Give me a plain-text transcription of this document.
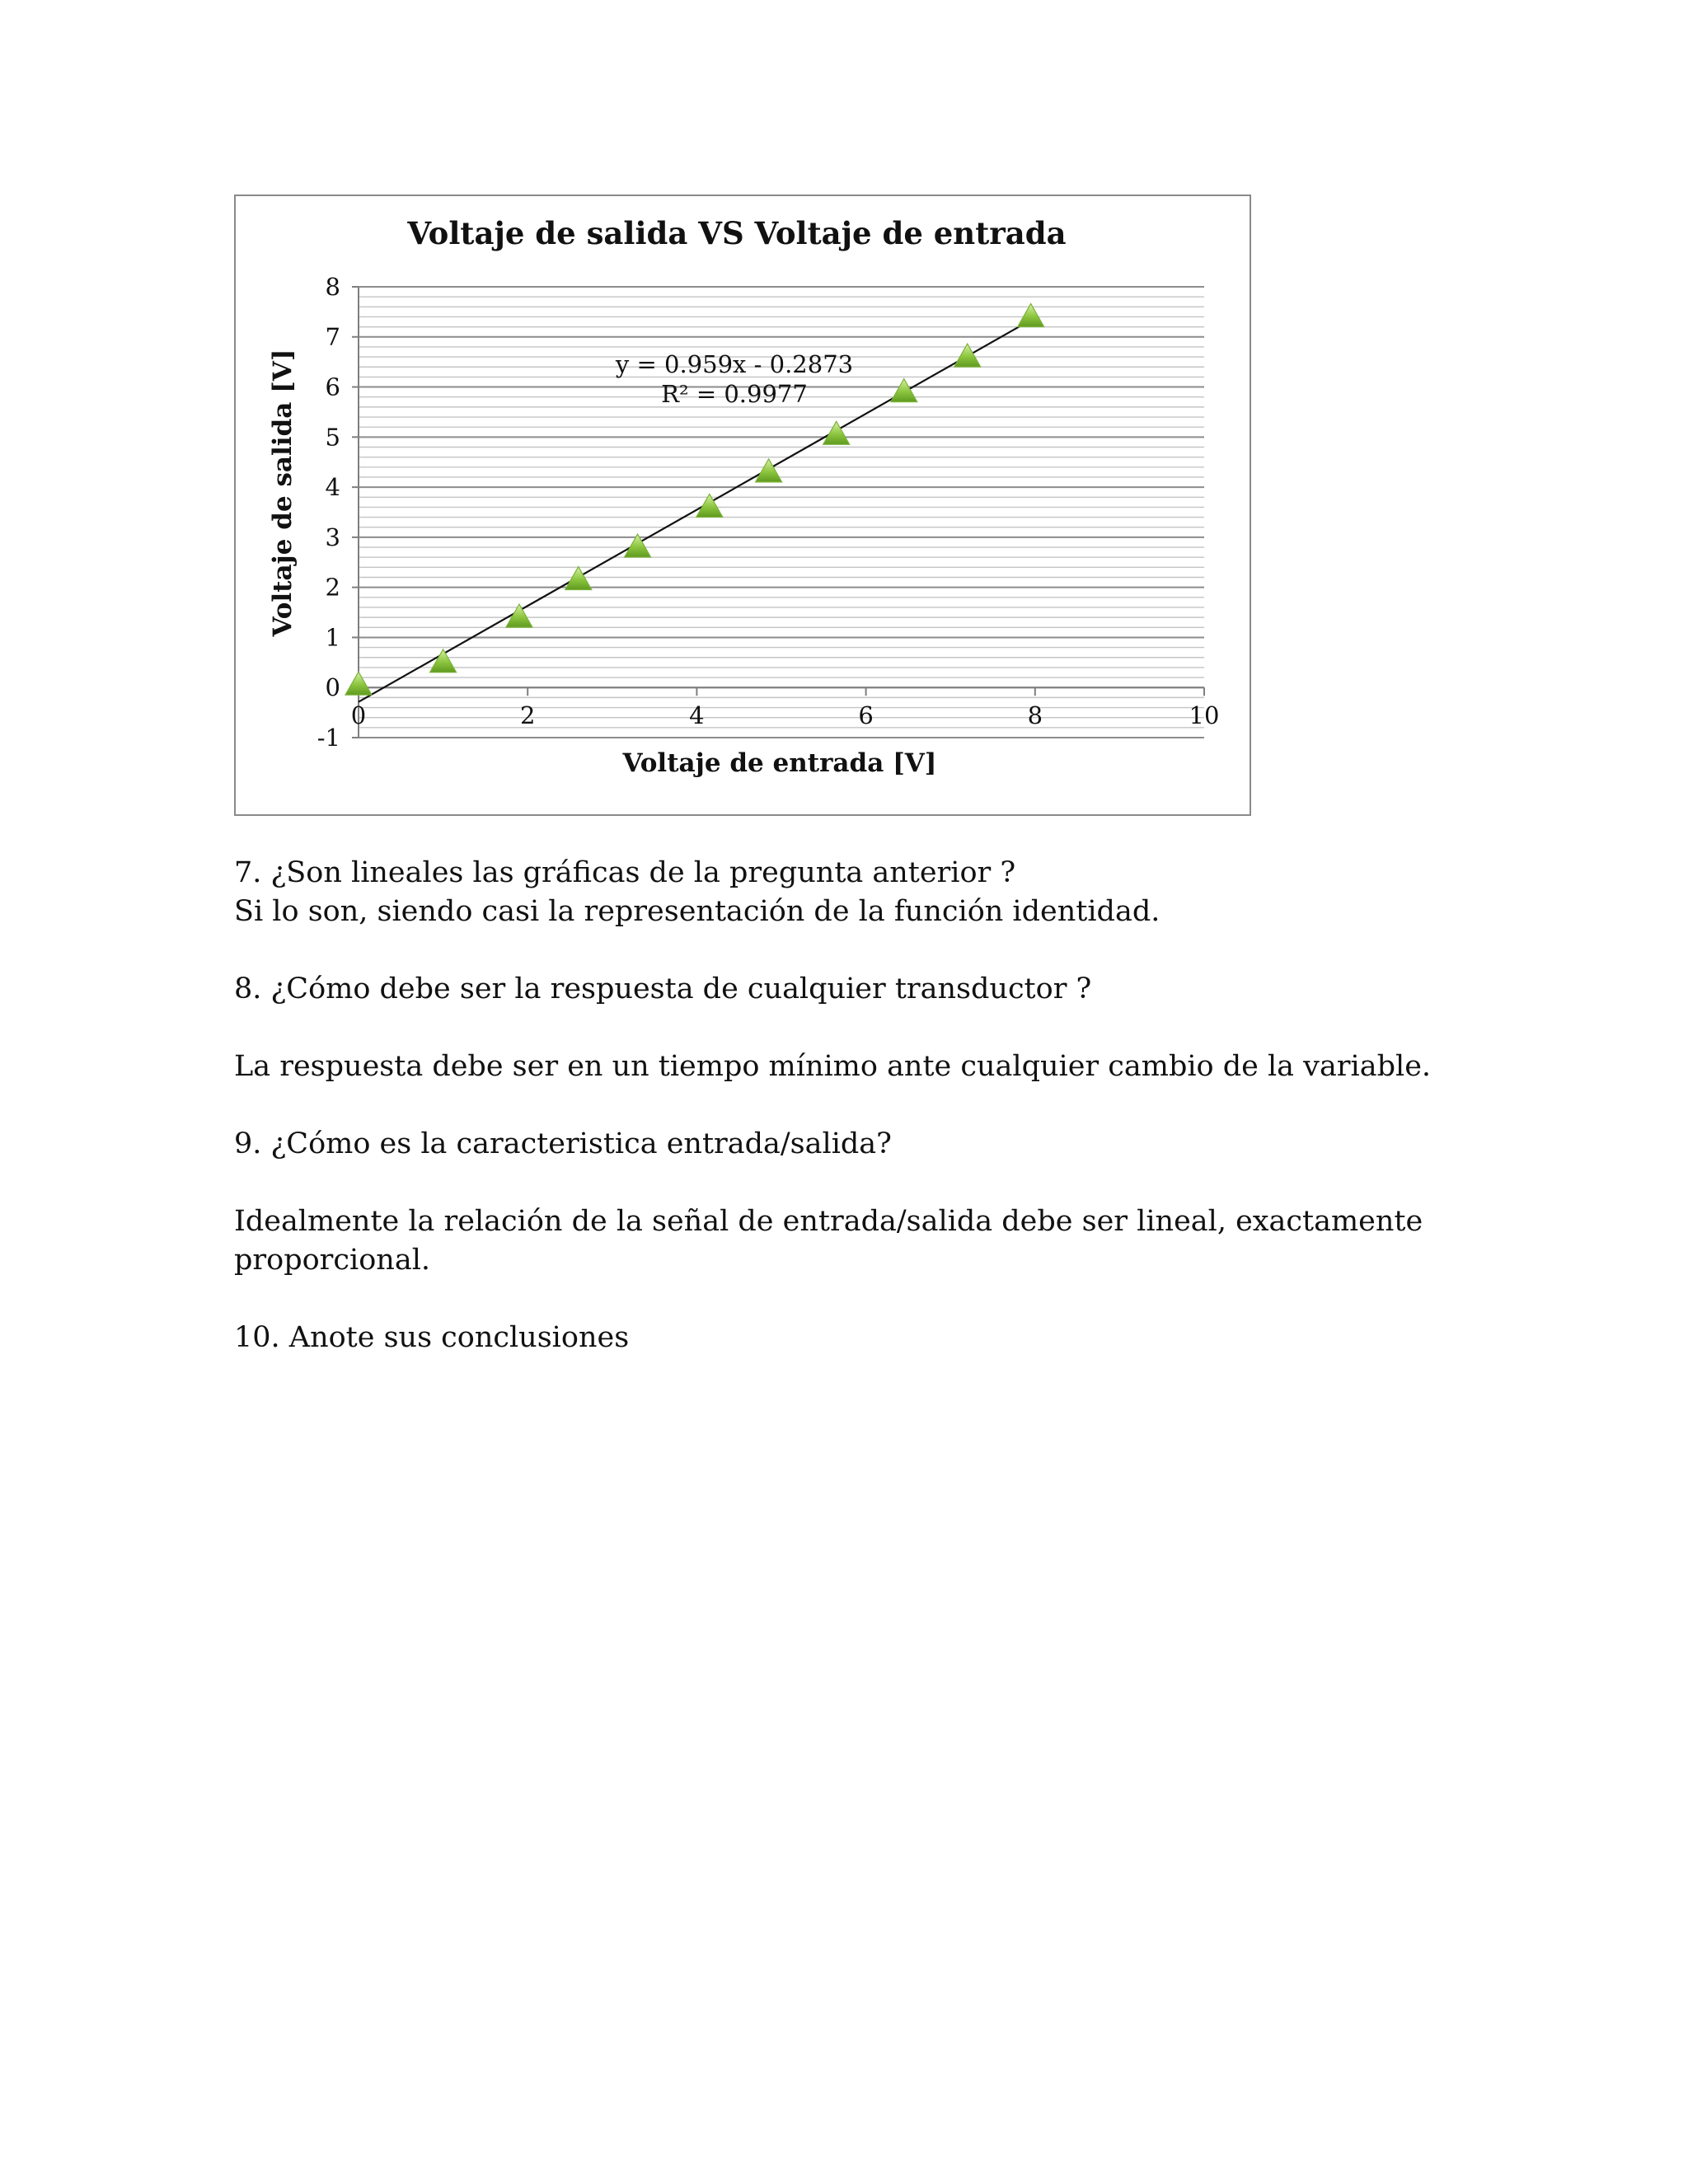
Voltaje de salida VS Voltaje de entrada
8
7
6
5
4
3
2
1
0
-1
0	2	4	6	8	10
y = 0.959x - 0.2873
R² = 0.9977
Voltaje de entrada [V]
Voltaje de salida [V]
7. ¿Son lineales las gráficas de la pregunta anterior ?
Si lo son, siendo casi la representación de la función identidad.
8. ¿Cómo debe ser la respuesta de cualquier transductor ?
La respuesta debe ser en un tiempo mínimo ante cualquier cambio de la variable.
9. ¿Cómo es la caracteristica entrada/salida?
Idealmente la relación de la señal de entrada/salida debe ser lineal, exactamente
proporcional.
10. Anote sus conclusiones
